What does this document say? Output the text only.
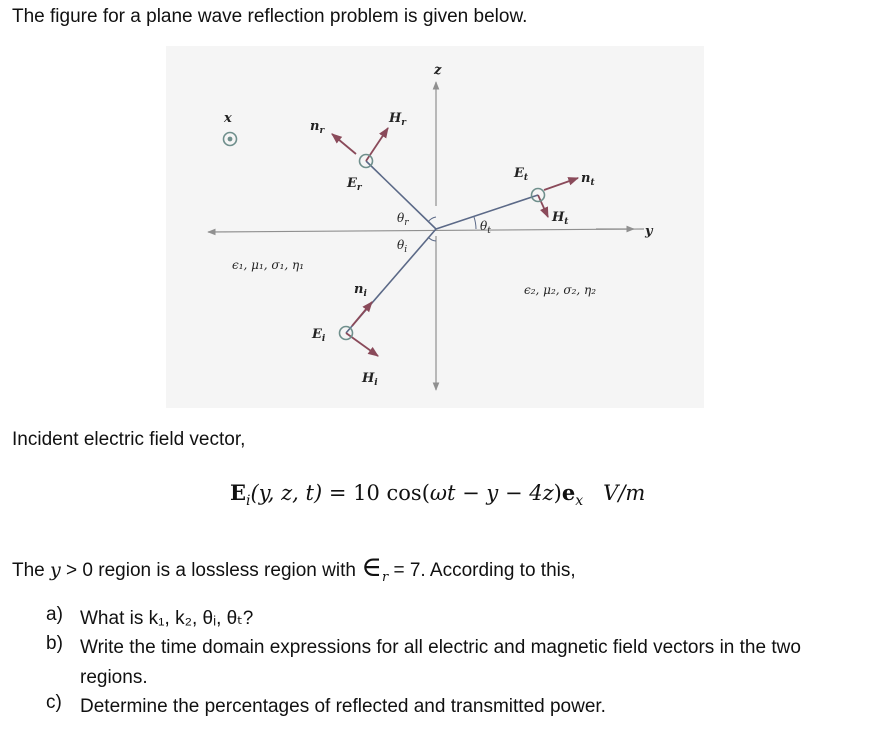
The figure for a plane wave reflection problem is given below.
z
y
x
$n_r$
$H_r$
$E_r$
$\theta_r$
$\theta_i$
$\theta_t$
$E_t$	$n_t$
$H_t$
$n_i$
$E_i$
$H_i$
ϵ₁, μ₁, σ₁, η₁
ϵ₂, μ₂, σ₂, η₂
Incident electric field vector,
$E_i(y$, z, t) = 10 $\cos(\omega t - y - 4z)e_x$ V/m
The y > 0 region is a lossless region with $\in_r = 7$. According to this,
a) What is k₁, k₂, θᵢ, θₜ?
b) Write the time domain expressions for all electric and magnetic field vectors in the two regions.
c) Determine the percentages of reflected and transmitted power.
